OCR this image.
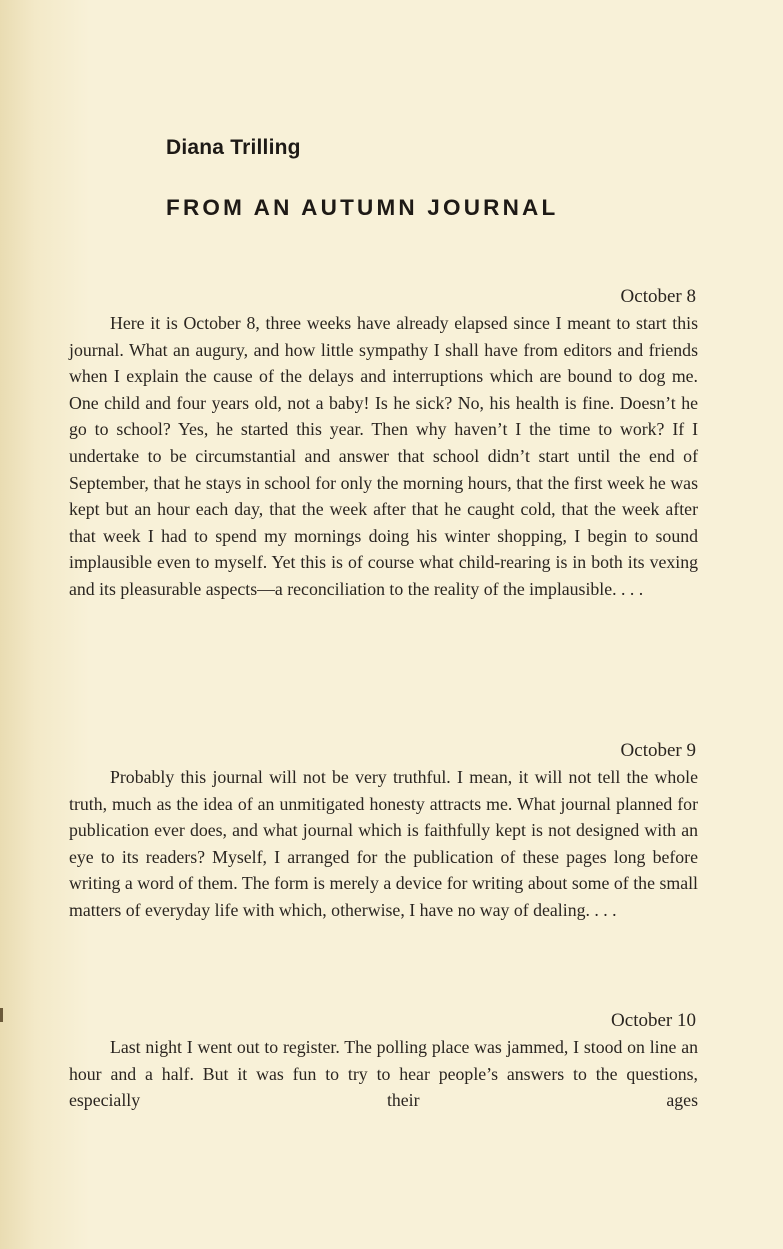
Diana Trilling
FROM AN AUTUMN JOURNAL
October 8

Here it is October 8, three weeks have already elapsed since I meant to start this journal. What an augury, and how little sympathy I shall have from editors and friends when I explain the cause of the delays and interruptions which are bound to dog me. One child and four years old, not a baby! Is he sick? No, his health is fine. Doesn’t he go to school? Yes, he started this year. Then why haven’t I the time to work? If I undertake to be circumstantial and answer that school didn’t start until the end of September, that he stays in school for only the morning hours, that the first week he was kept but an hour each day, that the week after that he caught cold, that the week after that week I had to spend my mornings doing his winter shopping, I begin to sound implausible even to myself. Yet this is of course what child-rearing is in both its vexing and its pleasurable aspects—a reconciliation to the reality of the implausible. . . .

October 9

Probably this journal will not be very truthful. I mean, it will not tell the whole truth, much as the idea of an unmitigated honesty attracts me. What journal planned for publication ever does, and what journal which is faithfully kept is not designed with an eye to its readers? Myself, I arranged for the publication of these pages long before writing a word of them. The form is merely a device for writing about some of the small matters of everyday life with which, otherwise, I have no way of dealing. . . .

October 10

Last night I went out to register. The polling place was jammed, I stood on line an hour and a half. But it was fun to try to hear people’s answers to the questions, especially their ages
